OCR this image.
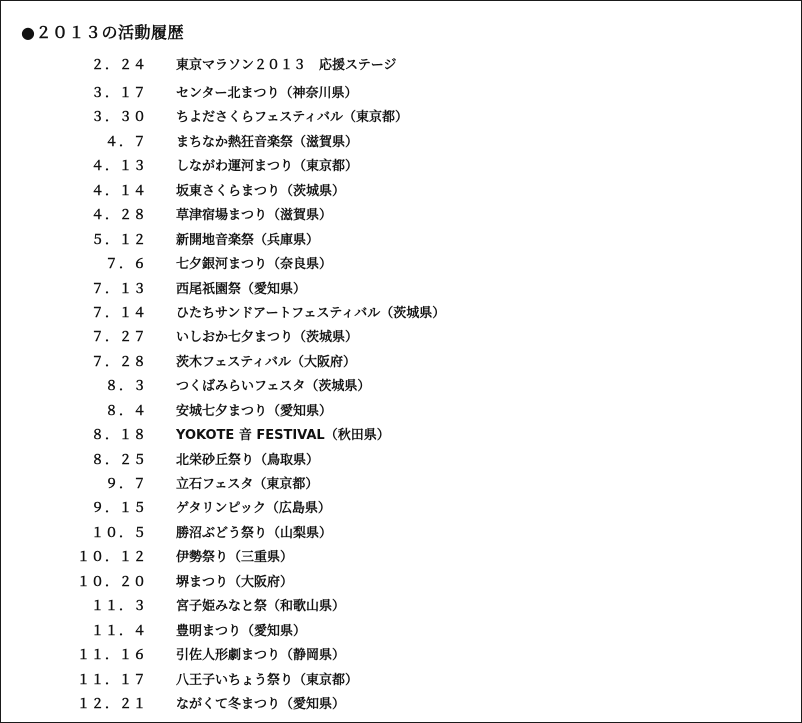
●２０１３の活動履歴
２．２４ 東京マラソン２０１３　応援ステージ
３．１７ センター北まつり（神奈川県）
３．３０ ちよださくらフェスティバル（東京都）
４．７ まちなか熱狂音楽祭（滋賀県）
４．１３ しながわ運河まつり（東京都）
４．１４ 坂東さくらまつり（茨城県）
４．２８ 草津宿場まつり（滋賀県）
５．１２ 新開地音楽祭（兵庫県）
７．６ 七夕銀河まつり（奈良県）
７．１３ 西尾祇園祭（愛知県）
７．１４ ひたちサンドアートフェスティバル（茨城県）
７．２７ いしおか七夕まつり（茨城県）
７．２８ 茨木フェスティバル（大阪府）
８．３ つくばみらいフェスタ（茨城県）
８．４ 安城七夕まつり（愛知県）
８．１８ YOKOTE 音 FESTIVAL（秋田県）
８．２５ 北栄砂丘祭り（鳥取県）
９．７ 立石フェスタ（東京都）
９．１５ ゲタリンピック（広島県）
１０．５ 勝沼ぶどう祭り（山梨県）
１０．１２ 伊勢祭り（三重県）
１０．２０ 堺まつり（大阪府）
１１．３ 宮子姫みなと祭（和歌山県）
１１．４ 豊明まつり（愛知県）
１１．１６ 引佐人形劇まつり（静岡県）
１１．１７ 八王子いちょう祭り（東京都）
１２．２１ ながくて冬まつり（愛知県）
